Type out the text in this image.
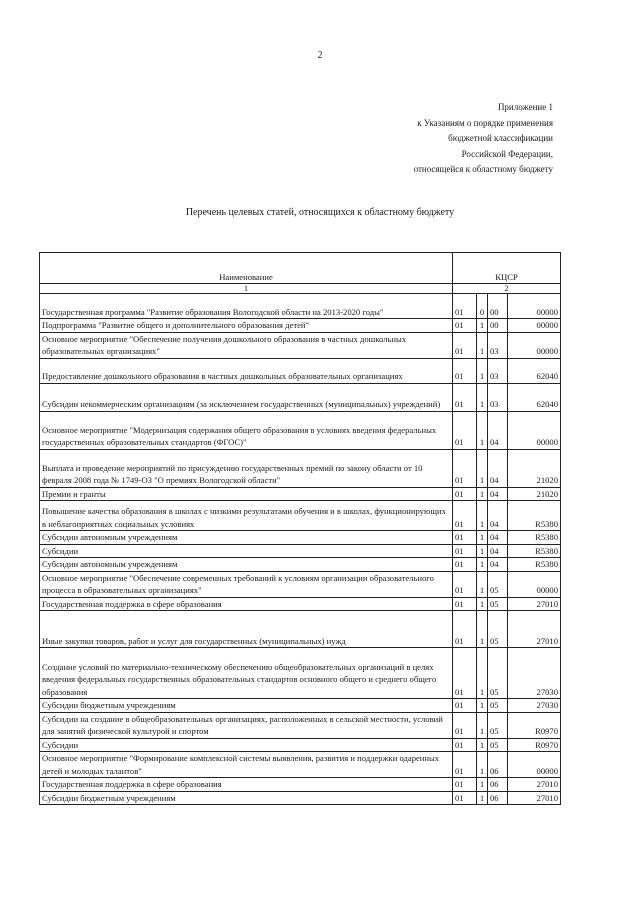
2
Приложение 1
к Указаниям о порядке применения
бюджетной классификации
Российской Федерации,
относящейся к областному бюджету
Перечень целевых статей, относящихся к областному бюджету
Наименование	КЦСР			
1	2			
Государственная программа "Развитие образования Вологодской области на 2013-2020 годы"	01	0	00	00000
Подпрограмма "Развитие общего и дополнительного образования детей"	01	1	00	00000
Основное мероприятие "Обеспечение получения дошкольного образования в частных дошкольных образовательных организациях"	01	1	03	00000
Предоставление дошкольного образования в частных дошкольных образовательных организациях	01	1	03	62040
Субсидии некоммерческим организациям (за исключением государственных (муниципальных) учреждений)	01	1	03	62040
Основное мероприятие "Модернизация содержания общего образования в условиях введения федеральных государственных образовательных стандартов (ФГОС)"	01	1	04	00000
Выплата и проведение мероприятий по присуждению государственных премий по закону области от 10 февраля 2008 года № 1749-ОЗ "О премиях Вологодской области"	01	1	04	21020
Премии и гранты	01	1	04	21020
Повышение качества образования в школах с низкими результатами обучения и в школах, функционирующих в неблагоприятных социальных условиях	01	1	04	R5380
Субсидии автономным учреждениям	01	1	04	R5380
Субсидии	01	1	04	R5380
Субсидии автономным учреждениям	01	1	04	R5380
Основное мероприятие "Обеспечение современных требований к условиям организации образовательного процесса в образовательных организациях"	01	1	05	00000
Государственная поддержка в сфере образования	01	1	05	27010
Иные закупки товаров, работ и услуг для государственных (муниципальных) нужд	01	1	05	27010
Создание условий по материально-техническому обеспечению общеобразовательных организаций в целях введения федеральных государственных образовательных стандартов основного общего и среднего общего образования	01	1	05	27030
Субсидии бюджетным учреждениям	01	1	05	27030
Субсидии на создание в общеобразовательных организациях, расположенных в сельской местности, условий для занятий физической культурой и спортом	01	1	05	R0970
Субсидии	01	1	05	R0970
Основное мероприятие "Формирование комплексной системы выявления, развития и поддержки одаренных детей и молодых талантов"	01	1	06	00000
Государственная поддержка в сфере образования	01	1	06	27010
Субсидии бюджетным учреждениям	01	1	06	27010
